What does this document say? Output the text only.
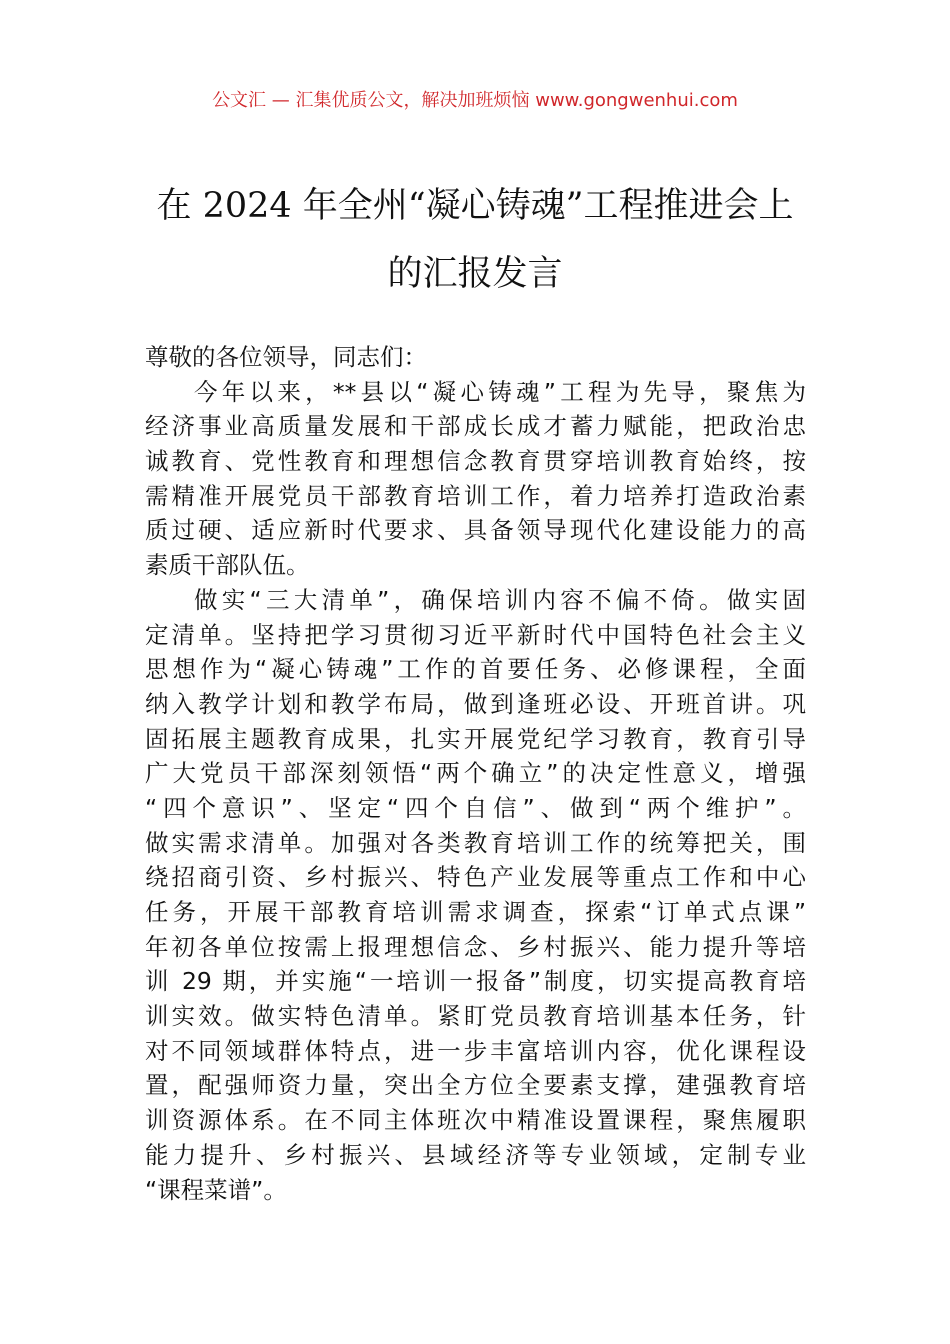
公文汇 — 汇集优质公文，解决加班烦恼 www.gongwenhui.com
在 2024 年全州“凝心铸魂”工程推进会上
的汇报发言
尊敬的各位领导，同志们：
今年以来，**县以“凝心铸魂”工程为先导，聚焦为
经济事业高质量发展和干部成长成才蓄力赋能，把政治忠
诚教育、党性教育和理想信念教育贯穿培训教育始终，按
需精准开展党员干部教育培训工作，着力培养打造政治素
质过硬、适应新时代要求、具备领导现代化建设能力的高
素质干部队伍。
做实“三大清单”，确保培训内容不偏不倚。做实固
定清单。坚持把学习贯彻习近平新时代中国特色社会主义
思想作为“凝心铸魂”工作的首要任务、必修课程，全面
纳入教学计划和教学布局，做到逢班必设、开班首讲。巩
固拓展主题教育成果，扎实开展党纪学习教育，教育引导
广大党员干部深刻领悟“两个确立”的决定性意义，增强
“四个意识”、坚定“四个自信”、做到“两个维护”。
做实需求清单。加强对各类教育培训工作的统筹把关，围
绕招商引资、乡村振兴、特色产业发展等重点工作和中心
任务，开展干部教育培训需求调查，探索“订单式点课”
年初各单位按需上报理想信念、乡村振兴、能力提升等培
训 29 期，并实施“一培训一报备”制度，切实提高教育培
训实效。做实特色清单。紧盯党员教育培训基本任务，针
对不同领域群体特点，进一步丰富培训内容，优化课程设
置，配强师资力量，突出全方位全要素支撑，建强教育培
训资源体系。在不同主体班次中精准设置课程，聚焦履职
能力提升、乡村振兴、县域经济等专业领域，定制专业
“课程菜谱”。
